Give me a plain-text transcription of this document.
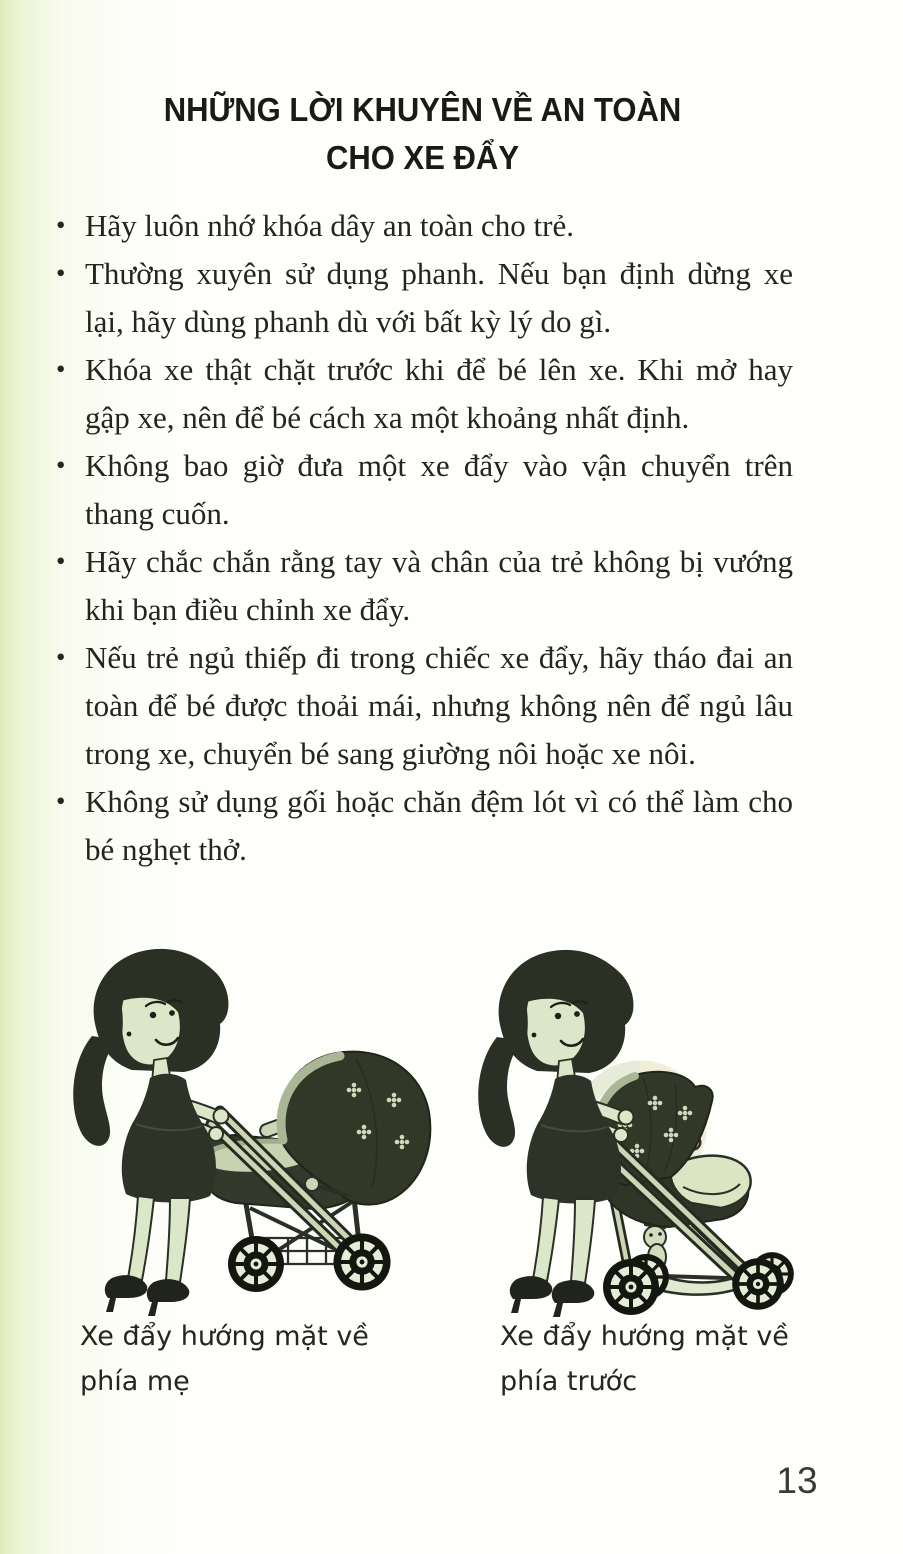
NHỮNG LỜI KHUYÊN VỀ AN TOÀN
CHO XE ĐẨY
• Hãy luôn nhớ khóa dây an toàn cho trẻ.
• Thường xuyên sử dụng phanh. Nếu bạn định dừng xe lại, hãy dùng phanh dù với bất kỳ lý do gì.
• Khóa xe thật chặt trước khi để bé lên xe. Khi mở hay gập xe, nên để bé cách xa một khoảng nhất định.
• Không bao giờ đưa một xe đẩy vào vận chuyển trên thang cuốn.
• Hãy chắc chắn rằng tay và chân của trẻ không bị vướng khi bạn điều chỉnh xe đẩy.
• Nếu trẻ ngủ thiếp đi trong chiếc xe đẩy, hãy tháo đai an toàn để bé được thoải mái, nhưng không nên để ngủ lâu trong xe, chuyển bé sang giường nôi hoặc xe nôi.
• Không sử dụng gối hoặc chăn đệm lót vì có thể làm cho bé nghẹt thở.
Xe đẩy hướng mặt về
phía mẹ
Xe đẩy hướng mặt về
phía trước
13
